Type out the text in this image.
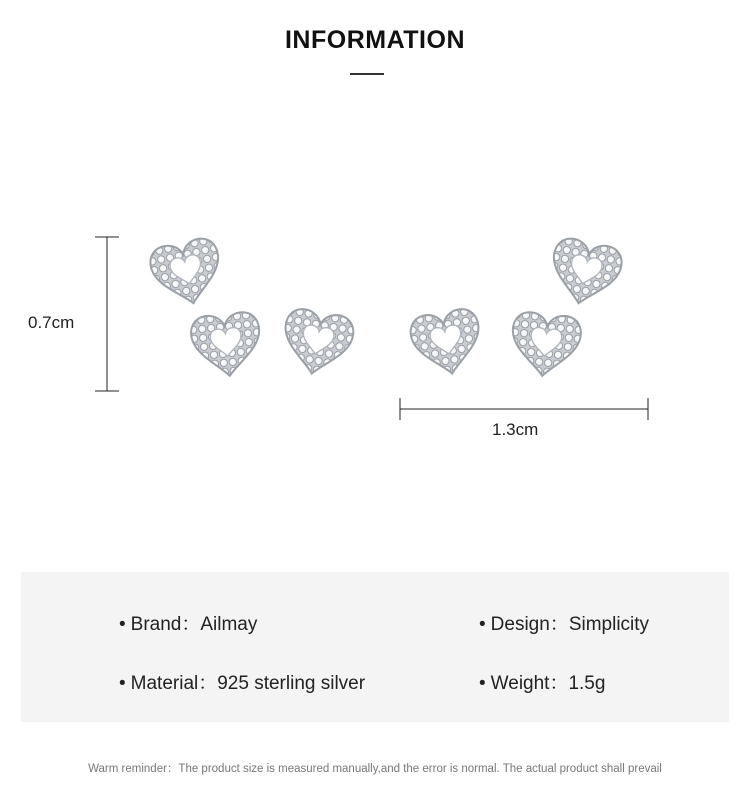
INFORMATION
0.7cm
1.3cm
• Brand：Ailmay	• Design：Simplicity
• Material：925 sterling silver	• Weight：1.5g
Warm reminder：The product size is measured manually,and the error is normal. The actual product shall prevail
